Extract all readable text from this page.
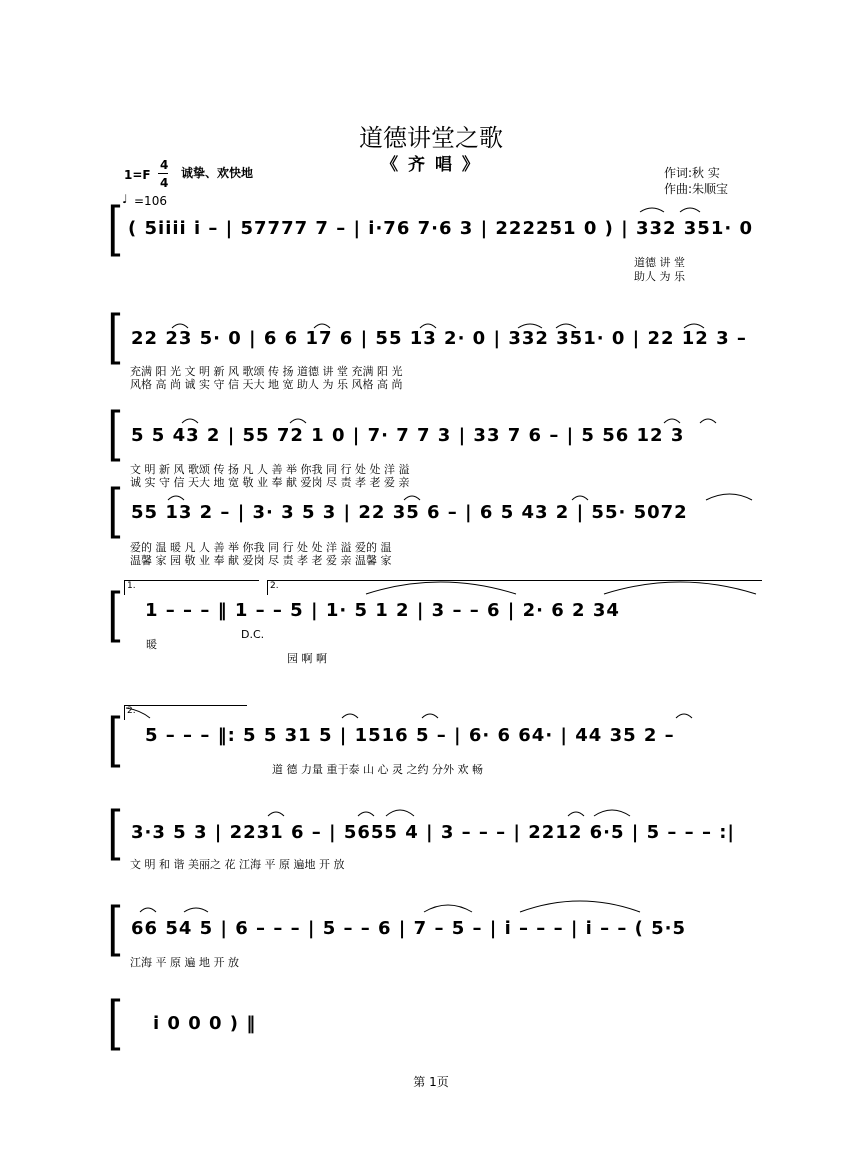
道德讲堂之歌
《 齐 唱 》
1=F
4
4
诚挚、欢快地
♩ =106
作词:秋 实
作曲:朱顺宝
[ ( 5i̇i̇i̇i̇ i̇ – | 57777 7 – | i̇·76 7·6 3 | 222251 0 ) | 332 351· 0
道德 讲 堂
助人 为 乐
[ 22 23 5· 0 | 6 6 17 6 | 55 13 2· 0 | 332 351· 0 | 22 12 3 –
充满 阳 光 文 明 新 风 歌颂 传 扬 道德 讲 堂 充满 阳 光
风格 高 尚 诚 实 守 信 天大 地 宽 助人 为 乐 风格 高 尚
[ 5 5 43 2 | 55 72 1 0 | 7· 7 7 3 | 33 7 6 – | 5 56 12 3
文 明 新 风 歌颂 传 扬 凡 人 善 举 你我 同 行 处 处 洋 溢
诚 实 守 信 天大 地 宽 敬 业 奉 献 爱岗 尽 责 孝 老 爱 亲
[ 55 13 2 – | 3· 3 5 3 | 22 35 6 – | 6 5 43 2 | 55· 5072
爱的 温 暖 凡 人 善 举 你我 同 行 处 处 洋 溢 爱的 温
温馨 家 园 敬 业 奉 献 爱岗 尽 责 孝 老 爱 亲 温馨 家
1.	2.
[ 1 – – – ‖ 1 – – 5 | 1· 5 1 2 | 3 – – 6 | 2· 6 2 34
暖
D.C.
园 啊 啊
2.
[ 5 – – – ‖: 5 5 31 5 | 1516 5 – | 6· 6 64· | 44 35 2 –
道 德 力量 重于泰 山 心 灵 之约 分外 欢 畅
[ 3·3 5 3 | 2231 6 – | 5655 4 | 3 – – – | 2212 6·5 | 5 – – – :|
文 明 和 谐 美丽之 花 江海 平 原 遍地 开 放
[ 66 54 5 | 6 – – – | 5 – – 6 | 7 – 5 – | i̇ – – – | i̇ – – ( 5·5
江海 平 原 遍 地 开 放
[ i̇ 0 0 0 ) ‖
第 1页
